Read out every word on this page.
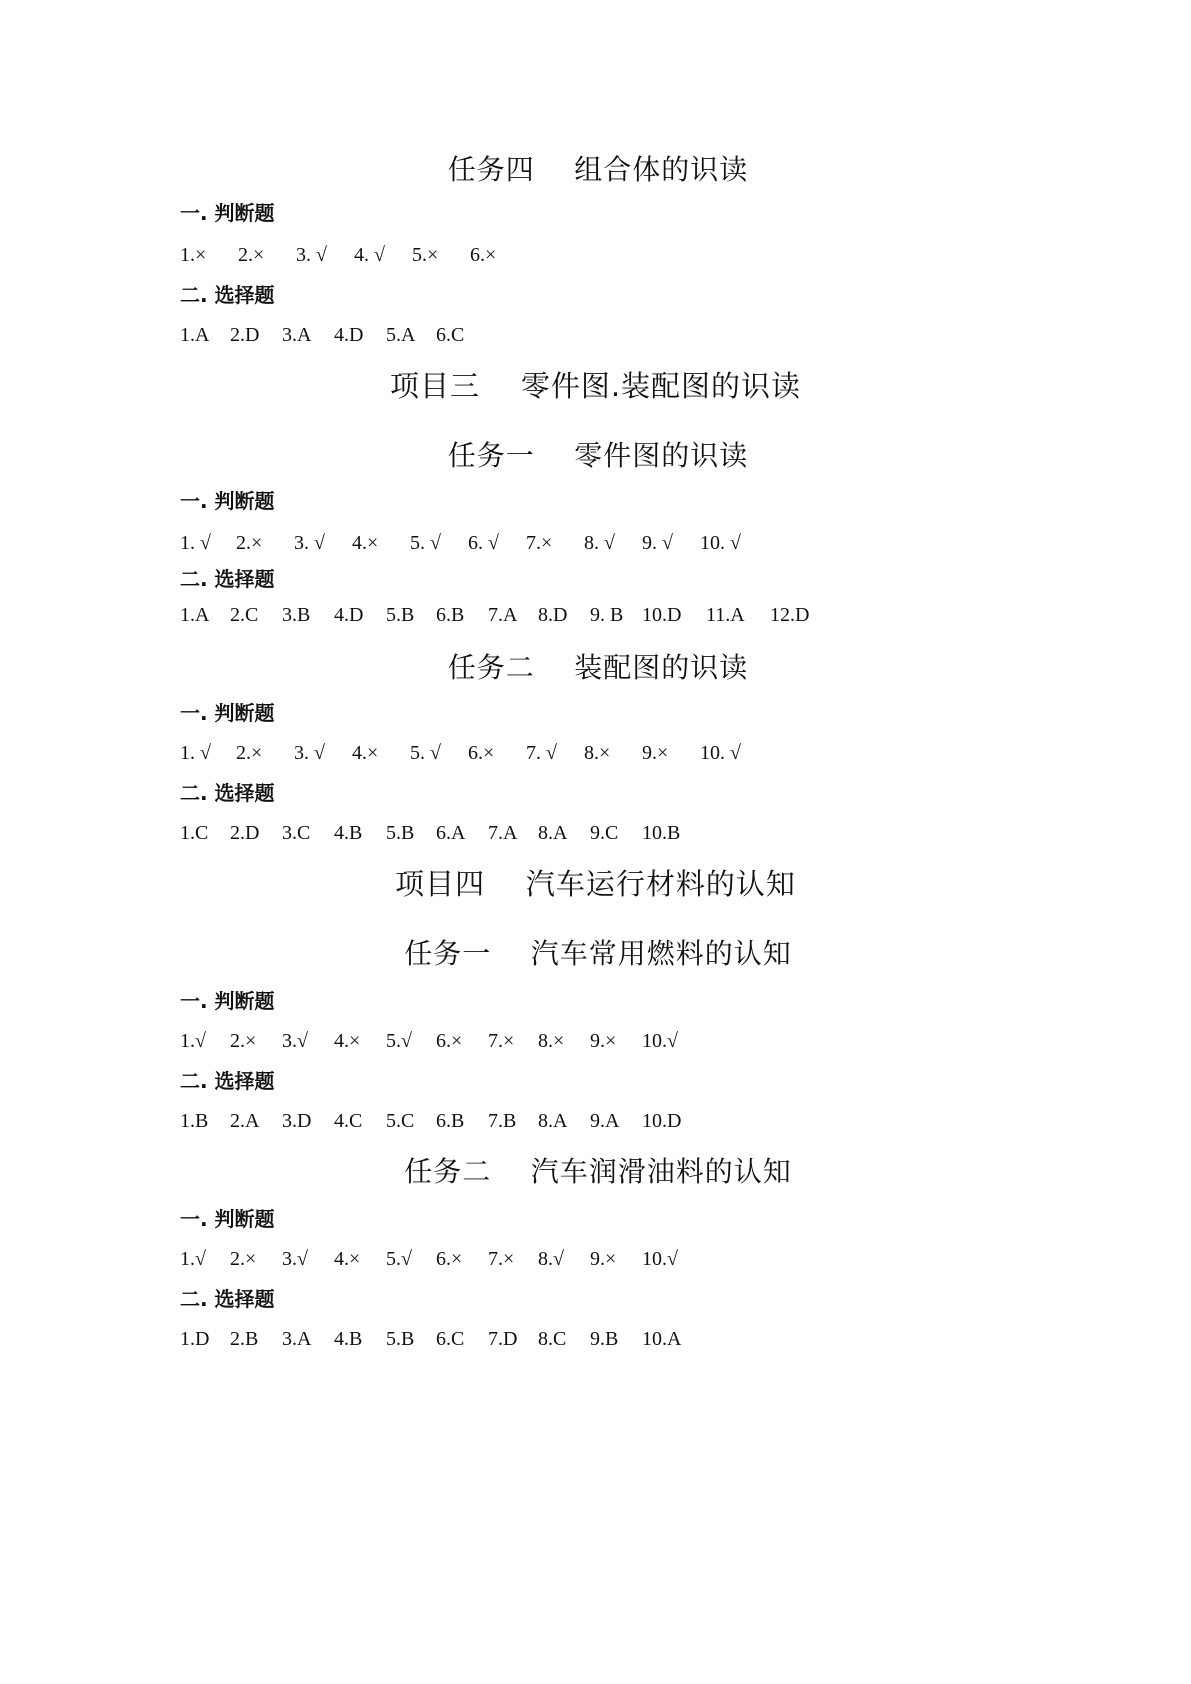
任务四    组合体的识读
一. 判断题
1.× 2.× 3. √ 4. √ 5.× 6.×
二. 选择题
1.A 2.D 3.A 4.D 5.A 6.C
项目三    零件图.装配图的识读
任务一    零件图的识读
一. 判断题
1. √ 2.× 3. √ 4.× 5. √ 6. √ 7.× 8. √ 9. √ 10. √
二. 选择题
1.A 2.C 3.B 4.D 5.B 6.B 7.A 8.D 9. B 10.D 11.A 12.D
任务二    装配图的识读
一. 判断题
1. √ 2.× 3. √ 4.× 5. √ 6.× 7. √ 8.× 9.× 10. √
二. 选择题
1.C 2.D 3.C 4.B 5.B 6.A 7.A 8.A 9.C 10.B
项目四    汽车运行材料的认知
任务一    汽车常用燃料的认知
一. 判断题
1.√ 2.× 3.√ 4.× 5.√ 6.× 7.× 8.× 9.× 10.√
二. 选择题
1.B 2.A 3.D 4.C 5.C 6.B 7.B 8.A 9.A 10.D
任务二    汽车润滑油料的认知
一. 判断题
1.√ 2.× 3.√ 4.× 5.√ 6.× 7.× 8.√ 9.× 10.√
二. 选择题
1.D 2.B 3.A 4.B 5.B 6.C 7.D 8.C 9.B 10.A
